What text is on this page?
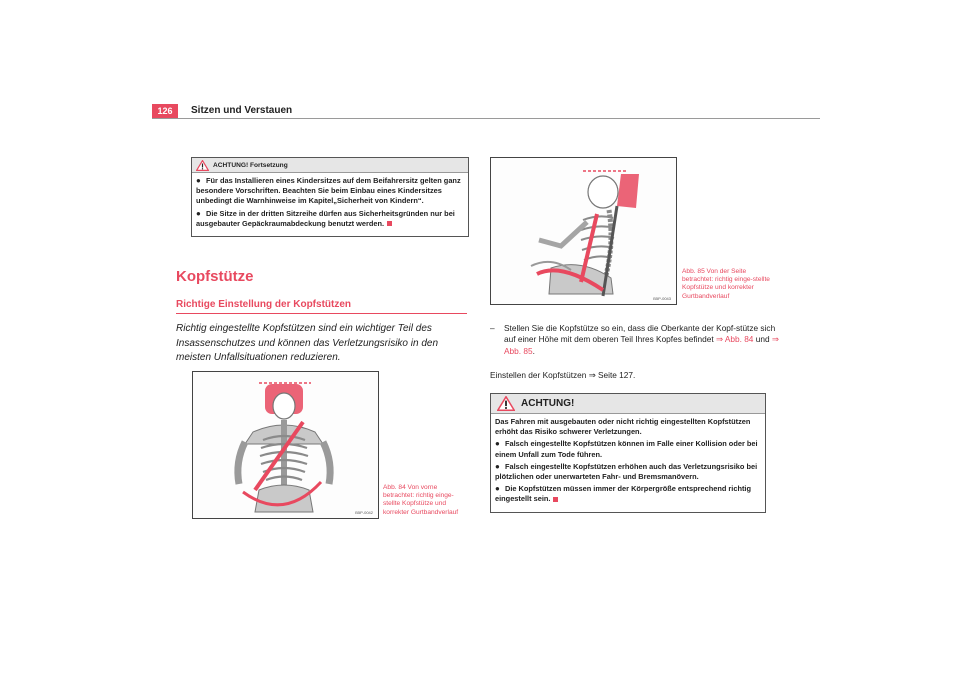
126	Sitzen und Verstauen
ACHTUNG! Fortsetzung
● Für das Installieren eines Kindersitzes auf dem Beifahrersitz gelten ganz besondere Vorschriften. Beachten Sie beim Einbau eines Kindersitzes unbedingt die Warnhinweise im Kapitel„Sicherheit von Kindern“.
● Die Sitze in der dritten Sitzreihe dürfen aus Sicherheitsgründen nur bei ausgebauter Gepäckraumabdeckung benutzt werden.
Kopfstütze
Richtige Einstellung der Kopfstützen
Richtig eingestellte Kopfstützen sind ein wichtiger Teil des Insassenschutzes und können das Verletzungsrisiko in den meisten Unfallsituationen reduzieren.
B5P-0042
Abb. 84 Von vorne betrachtet: richtig einge-stellte Kopfstütze und korrekter Gurtbandverlauf
B5P-0043
Abb. 85 Von der Seite betrachtet: richtig einge-stellte Kopfstütze und korrekter Gurtbandverlauf
– Stellen Sie die Kopfstütze so ein, dass die Oberkante der Kopf-stütze sich auf einer Höhe mit dem oberen Teil Ihres Kopfes befindet ⇒ Abb. 84 und ⇒ Abb. 85.
Einstellen der Kopfstützen ⇒ Seite 127.
ACHTUNG!

Das Fahren mit ausgebauten oder nicht richtig eingestellten Kopfstützen erhöht das Risiko schwerer Verletzungen.

● Falsch eingestellte Kopfstützen können im Falle einer Kollision oder bei einem Unfall zum Tode führen.
● Falsch eingestellte Kopfstützen erhöhen auch das Verletzungsrisiko bei plötzlichen oder unerwarteten Fahr- und Bremsmanövern.
● Die Kopfstützen müssen immer der Körpergröße entsprechend richtig eingestellt sein.
